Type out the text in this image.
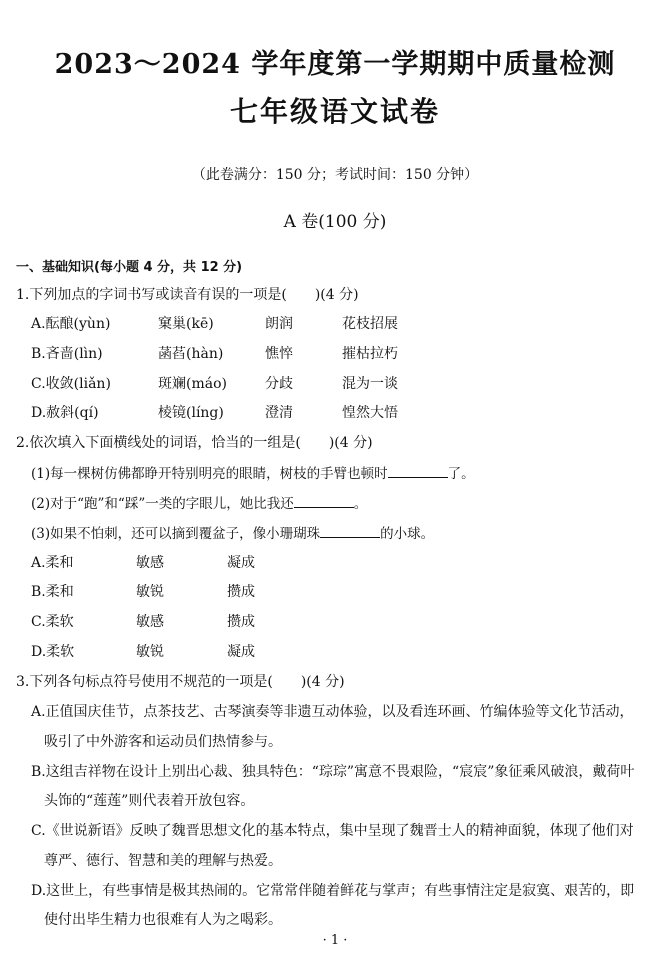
2023～2024 学年度第一学期期中质量检测
七年级语文试卷
（此卷满分：150 分；考试时间：150 分钟）
A 卷(100 分)
一、基础知识(每小题 4 分，共 12 分)
1.下列加点的字词书写或读音有误的一项是(　　)(4 分)
A.酝酿(yùn)	窠巢(kē)	朗润	花枝招展
B.吝啬(lìn)	菡萏(hàn)	憔悴	摧枯拉朽
C.收敛(liǎn)	斑斓(máo)	分歧	混为一谈
D.赦斜(qí)	棱镜(líng)	澄清	惶然大悟
2.依次填入下面横线处的词语，恰当的一组是(　　)(4 分)
(1)每一棵树仿佛都睁开特别明亮的眼睛，树枝的手臂也顿时	了。
(2)对于“跑”和“踩”一类的字眼儿，她比我还	。
(3)如果不怕刺，还可以摘到覆盆子，像小珊瑚珠	的小球。
A.柔和	敏感	凝成
B.柔和	敏锐	攒成
C.柔软	敏感	攒成
D.柔软	敏锐	凝成
3.下列各句标点符号使用不规范的一项是(　　)(4 分)
A.正值国庆佳节，点茶技艺、古琴演奏等非遗互动体验，以及看连环画、竹编体验等文化节活动，
吸引了中外游客和运动员们热情参与。
B.这组吉祥物在设计上别出心裁、独具特色：“琮琮”寓意不畏艰险，“宸宸”象征乘风破浪，戴荷叶
头饰的“莲莲”则代表着开放包容。
C.《世说新语》反映了魏晋思想文化的基本特点，集中呈现了魏晋士人的精神面貌，体现了他们对
尊严、德行、智慧和美的理解与热爱。
D.这世上，有些事情是极其热闹的。它常常伴随着鲜花与掌声；有些事情注定是寂寞、艰苦的，即
使付出毕生精力也很难有人为之喝彩。
· 1 ·
